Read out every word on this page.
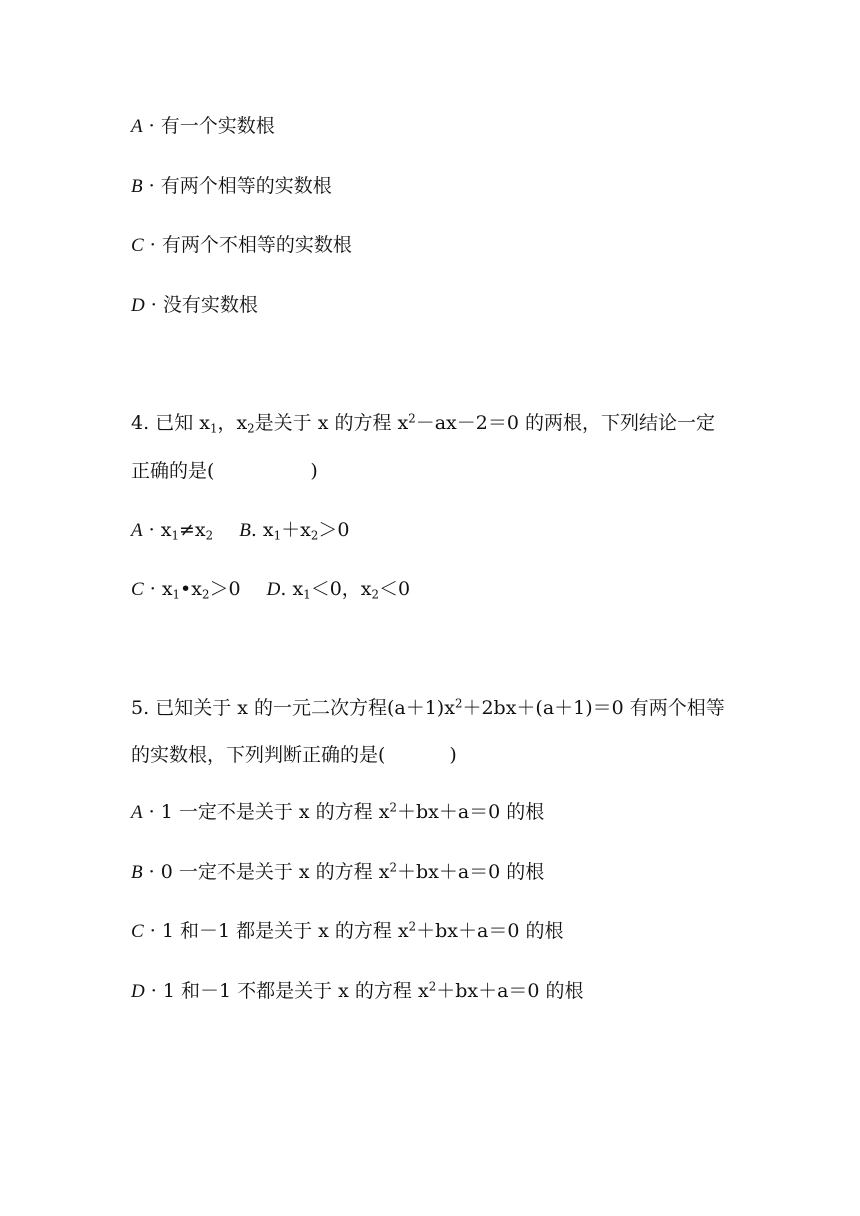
A · 有一个实数根
B · 有两个相等的实数根
C · 有两个不相等的实数根
D · 没有实数根
4. 已知 $x_1$，$x_2$是关于 x 的方程 $x^2-ax-2=0$ 的两根，下列结论一定
正确的是(	)
$A \cdot x_1\ne x_2$ B. $x_1+x_2>0$
$C \cdot x_1•x_2>0$ D. $x_1<0$，$x_2<0$
5. 已知关于 x 的一元二次方程$(a+1)x^2+2bx+(a+1)=0$ 有两个相等
的实数根，下列判断正确的是(	)
A · 1 一定不是关于 x 的方程 $x^2+bx+a=0$ 的根
B · 0 一定不是关于 x 的方程 $x^2+bx+a=0$ 的根
C · 1 和－1 都是关于 x 的方程 $x^2+bx+a=0$ 的根
D · 1 和－1 不都是关于 x 的方程 $x^2+bx+a=0$ 的根
